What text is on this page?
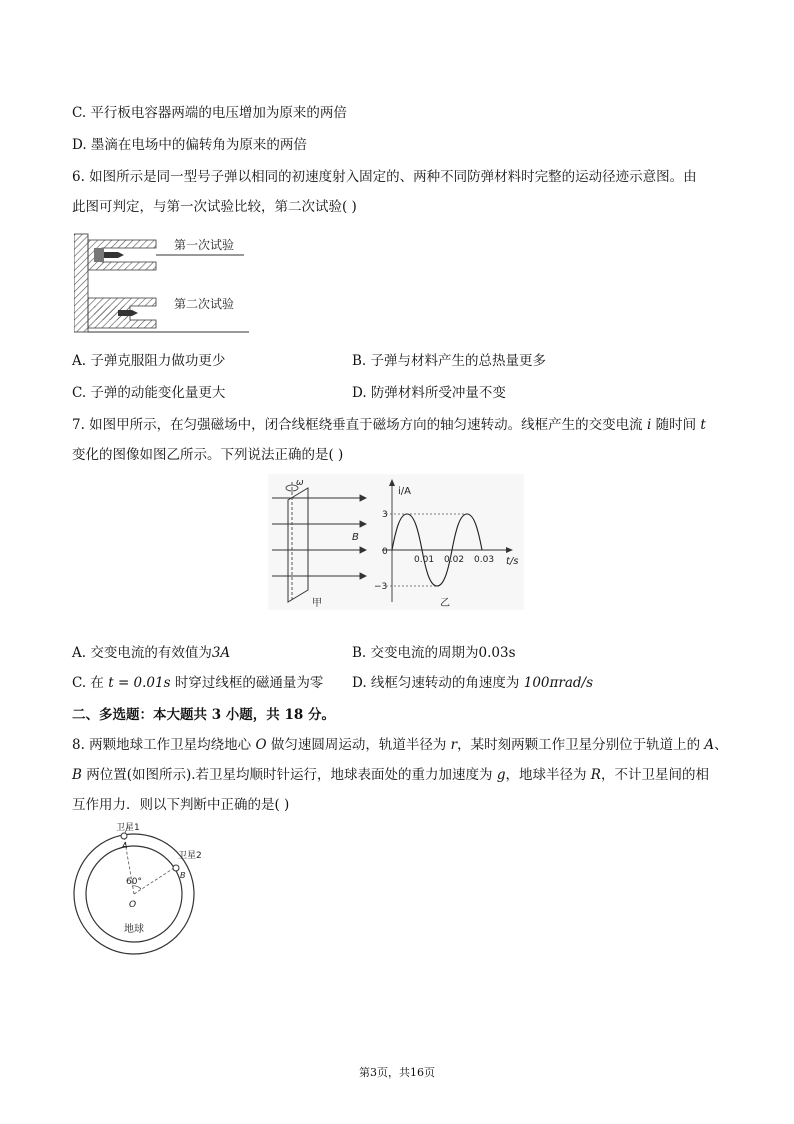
C. 平行板电容器两端的电压增加为原来的两倍
D. 墨滴在电场中的偏转角为原来的两倍
6. 如图所示是同一型号子弹以相同的初速度射入固定的、两种不同防弹材料时完整的运动径迹示意图。由
此图可判定，与第一次试验比较，第二次试验( )
第一次试验
第二次试验
A. 子弹克服阻力做功更少	B. 子弹与材料产生的总热量更多
C. 子弹的动能变化量更大	D. 防弹材料所受冲量不变
7. 如图甲所示，在匀强磁场中，闭合线框绕垂直于磁场方向的轴匀速转动。线框产生的交变电流 i 随时间 t
变化的图像如图乙所示。下列说法正确的是( )
ω
B
甲
i/A
t/s
3
−3
0
0.01 0.02 0.03
乙
A. 交变电流的有效值为3A	B. 交变电流的周期为0.03s
C. 在 t = 0.01s 时穿过线框的磁通量为零 D. 线框匀速转动的角速度为 100πrad/s
二、多选题：本大题共 3 小题，共 18 分。
8. 两颗地球工作卫星均绕地心 O 做匀速圆周运动，轨道半径为 r，某时刻两颗工作卫星分别位于轨道上的 A、
B 两位置(如图所示).若卫星均顺时针运行，地球表面处的重力加速度为 g，地球半径为 R，不计卫星间的相
互作用力．则以下判断中正确的是( )
卫星1
卫星2
A
B
60°
O
地球
第3页，共16页
